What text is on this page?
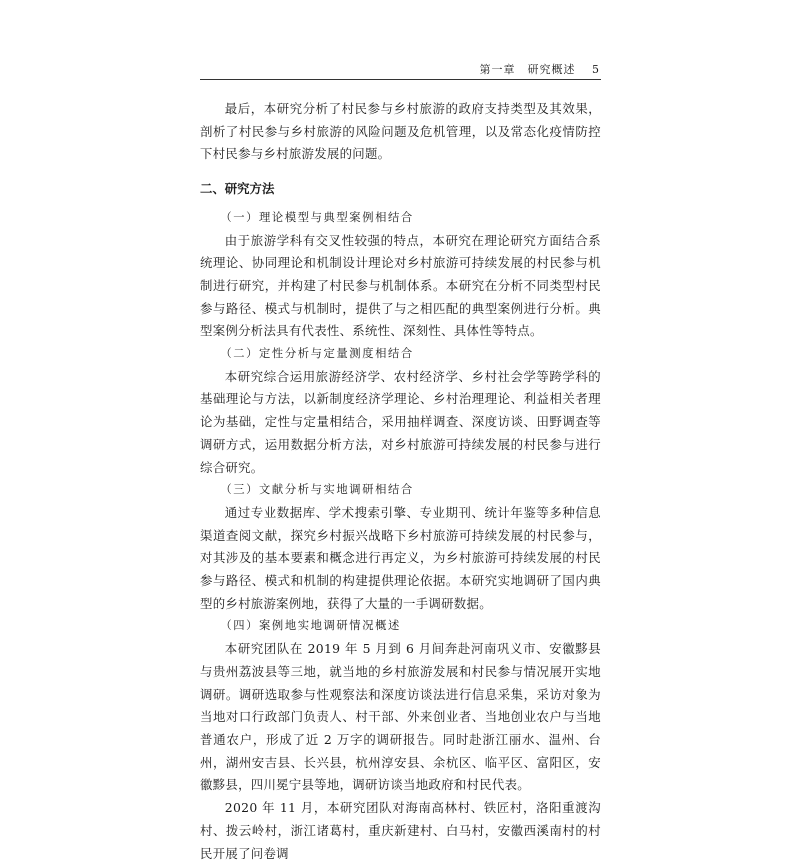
第一章　研究概述　 5

最后，本研究分析了村民参与乡村旅游的政府支持类型及其效果，剖析了村民参与乡村旅游的风险问题及危机管理，以及常态化疫情防控下村民参与乡村旅游发展的问题。

二、研究方法

（一）理论模型与典型案例相结合

由于旅游学科有交叉性较强的特点，本研究在理论研究方面结合系统理论、协同理论和机制设计理论对乡村旅游可持续发展的村民参与机制进行研究，并构建了村民参与机制体系。本研究在分析不同类型村民参与路径、模式与机制时，提供了与之相匹配的典型案例进行分析。典型案例分析法具有代表性、系统性、深刻性、具体性等特点。

（二）定性分析与定量测度相结合

本研究综合运用旅游经济学、农村经济学、乡村社会学等跨学科的基础理论与方法，以新制度经济学理论、乡村治理理论、利益相关者理论为基础，定性与定量相结合，采用抽样调查、深度访谈、田野调查等调研方式，运用数据分析方法，对乡村旅游可持续发展的村民参与进行综合研究。

（三）文献分析与实地调研相结合

通过专业数据库、学术搜索引擎、专业期刊、统计年鉴等多种信息渠道查阅文献，探究乡村振兴战略下乡村旅游可持续发展的村民参与，对其涉及的基本要素和概念进行再定义，为乡村旅游可持续发展的村民参与路径、模式和机制的构建提供理论依据。本研究实地调研了国内典型的乡村旅游案例地，获得了大量的一手调研数据。

（四）案例地实地调研情况概述

本研究团队在 2019 年 5 月到 6 月间奔赴河南巩义市、安徽黟县与贵州荔波县等三地，就当地的乡村旅游发展和村民参与情况展开实地调研。调研选取参与性观察法和深度访谈法进行信息采集，采访对象为当地对口行政部门负责人、村干部、外来创业者、当地创业农户与当地普通农户，形成了近 2 万字的调研报告。同时赴浙江丽水、温州、台州，湖州安吉县、长兴县，杭州淳安县、余杭区、临平区、富阳区，安徽黟县，四川冕宁县等地，调研访谈当地政府和村民代表。

2020 年 11 月，本研究团队对海南高林村、铁匠村，洛阳重渡沟村、拨云岭村，浙江诸葛村，重庆新建村、白马村，安徽西溪南村的村民开展了问卷调
